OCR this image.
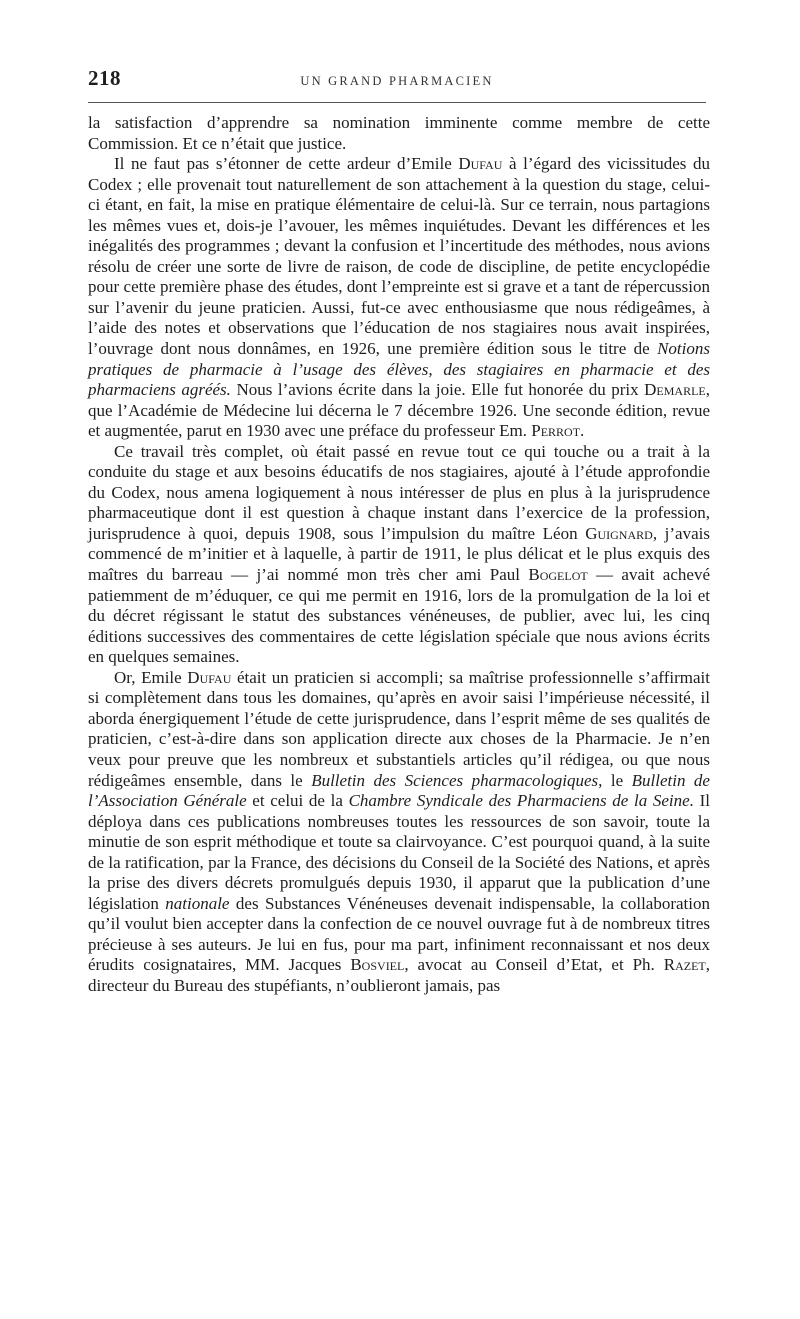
218	UN GRAND PHARMACIEN

la satisfaction d’apprendre sa nomination imminente comme membre de cette Commission. Et ce n’était que justice.

Il ne faut pas s’étonner de cette ardeur d’Emile Dufau à l’égard des vicissitudes du Codex ; elle provenait tout naturellement de son attachement à la question du stage, celui-ci étant, en fait, la mise en pratique élémentaire de celui-là. Sur ce terrain, nous partagions les mêmes vues et, dois-je l’avouer, les mêmes inquiétudes. Devant les différences et les inégalités des programmes ; devant la confusion et l’incertitude des méthodes, nous avions résolu de créer une sorte de livre de raison, de code de discipline, de petite encyclopédie pour cette première phase des études, dont l’empreinte est si grave et a tant de répercussion sur l’avenir du jeune praticien. Aussi, fut-ce avec enthousiasme que nous rédigeâmes, à l’aide des notes et observations que l’éducation de nos stagiaires nous avait inspirées, l’ouvrage dont nous donnâmes, en 1926, une première édition sous le titre de Notions pratiques de pharmacie à l’usage des élèves, des stagiaires en pharmacie et des pharmaciens agréés. Nous l’avions écrite dans la joie. Elle fut honorée du prix Demarle, que l’Académie de Médecine lui décerna le 7 décembre 1926. Une seconde édition, revue et augmentée, parut en 1930 avec une préface du professeur Em. Perrot.

Ce travail très complet, où était passé en revue tout ce qui touche ou a trait à la conduite du stage et aux besoins éducatifs de nos stagiaires, ajouté à l’étude approfondie du Codex, nous amena logiquement à nous intéresser de plus en plus à la jurisprudence pharmaceutique dont il est question à chaque instant dans l’exercice de la profession, jurisprudence à quoi, depuis 1908, sous l’impulsion du maître Léon Guignard, j’avais commencé de m’initier et à laquelle, à partir de 1911, le plus délicat et le plus exquis des maîtres du barreau — j’ai nommé mon très cher ami Paul Bogelot — avait achevé patiemment de m’éduquer, ce qui me permit en 1916, lors de la promulgation de la loi et du décret régissant le statut des substances vénéneuses, de publier, avec lui, les cinq éditions successives des commentaires de cette législation spéciale que nous avions écrits en quelques semaines.

Or, Emile Dufau était un praticien si accompli; sa maîtrise professionnelle s’affirmait si complètement dans tous les domaines, qu’après en avoir saisi l’impérieuse nécessité, il aborda énergiquement l’étude de cette jurisprudence, dans l’esprit même de ses qualités de praticien, c’est-à-dire dans son application directe aux choses de la Pharmacie. Je n’en veux pour preuve que les nombreux et substantiels articles qu’il rédigea, ou que nous rédigeâmes ensemble, dans le Bulletin des Sciences pharmacologiques, le Bulletin de l’Association Générale et celui de la Chambre Syndicale des Pharmaciens de la Seine. Il déploya dans ces publications nombreuses toutes les ressources de son savoir, toute la minutie de son esprit méthodique et toute sa clairvoyance. C’est pourquoi quand, à la suite de la ratification, par la France, des décisions du Conseil de la Société des Nations, et après la prise des divers décrets promulgués depuis 1930, il apparut que la publication d’une législation nationale des Substances Vénéneuses devenait indispensable, la collaboration qu’il voulut bien accepter dans la confection de ce nouvel ouvrage fut à de nombreux titres précieuse à ses auteurs. Je lui en fus, pour ma part, infiniment reconnaissant et nos deux érudits cosignataires, MM. Jacques Bosviel, avocat au Conseil d’Etat, et Ph. Razet, directeur du Bureau des stupéfiants, n’oublieront jamais, pas
